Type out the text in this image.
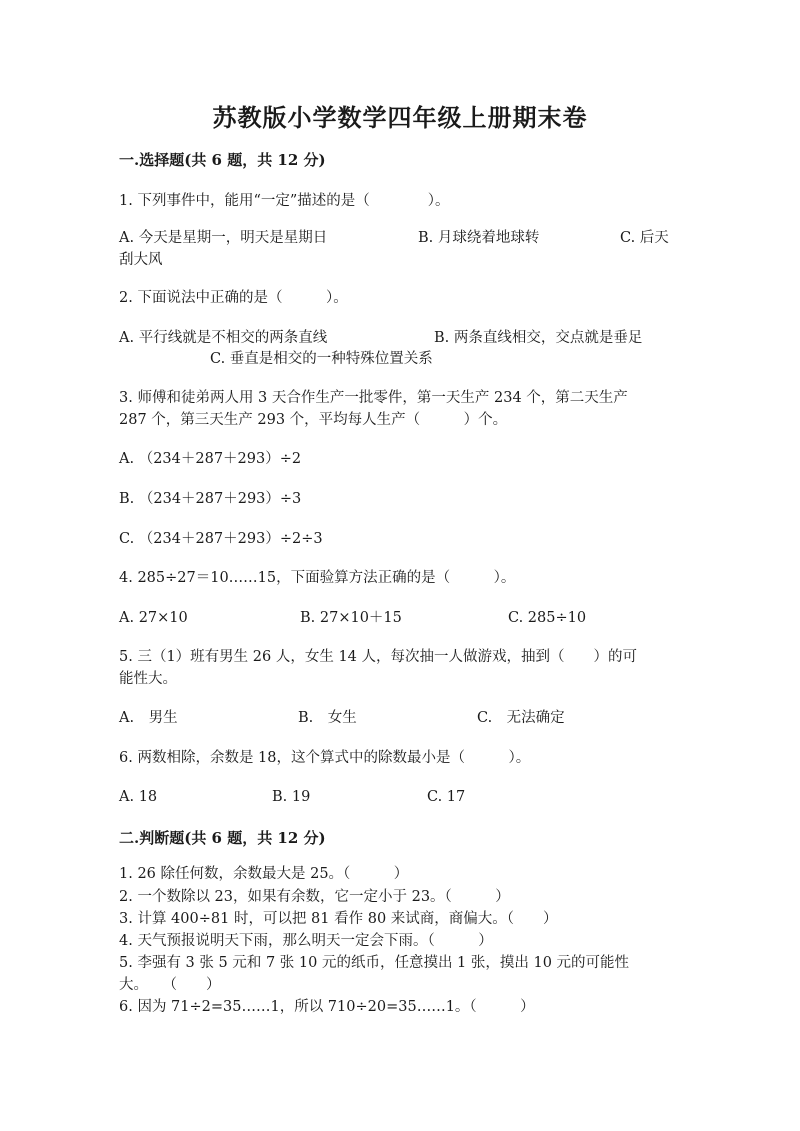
苏教版小学数学四年级上册期末卷
一.选择题(共 6 题，共 12 分)
1. 下列事件中，能用“一定”描述的是（　　　　）。
A. 今天是星期一，明天是星期日	B. 月球绕着地球转	C. 后天
刮大风
2. 下面说法中正确的是（　　　）。
A. 平行线就是不相交的两条直线	B. 两条直线相交，交点就是垂足
C. 垂直是相交的一种特殊位置关系
3. 师傅和徒弟两人用 3 天合作生产一批零件，第一天生产 234 个，第二天生产
287 个，第三天生产 293 个，平均每人生产（　　　）个。
A. （234＋287＋293）÷2
B. （234＋287＋293）÷3
C. （234＋287＋293）÷2÷3
4. 285÷27＝10……15，下面验算方法正确的是（　　　）。
A. 27×10	B. 27×10＋15	C. 285÷10
5. 三（1）班有男生 26 人，女生 14 人，每次抽一人做游戏，抽到（　　）的可
能性大。
A.　男生	B.　女生	C.　无法确定
6. 两数相除，余数是 18，这个算式中的除数最小是（　　　）。
A. 18	B. 19	C. 17
二.判断题(共 6 题，共 12 分)
1. 26 除任何数，余数最大是 25。（　　　）
2. 一个数除以 23，如果有余数，它一定小于 23。（　　　）
3. 计算 400÷81 时，可以把 81 看作 80 来试商，商偏大。（　　）
4. 天气预报说明天下雨，那么明天一定会下雨。（　　　）
5. 李强有 3 张 5 元和 7 张 10 元的纸币，任意摸出 1 张，摸出 10 元的可能性
大。　　（　　）
6. 因为 71÷2=35……1，所以 710÷20=35……1。（　　　）
